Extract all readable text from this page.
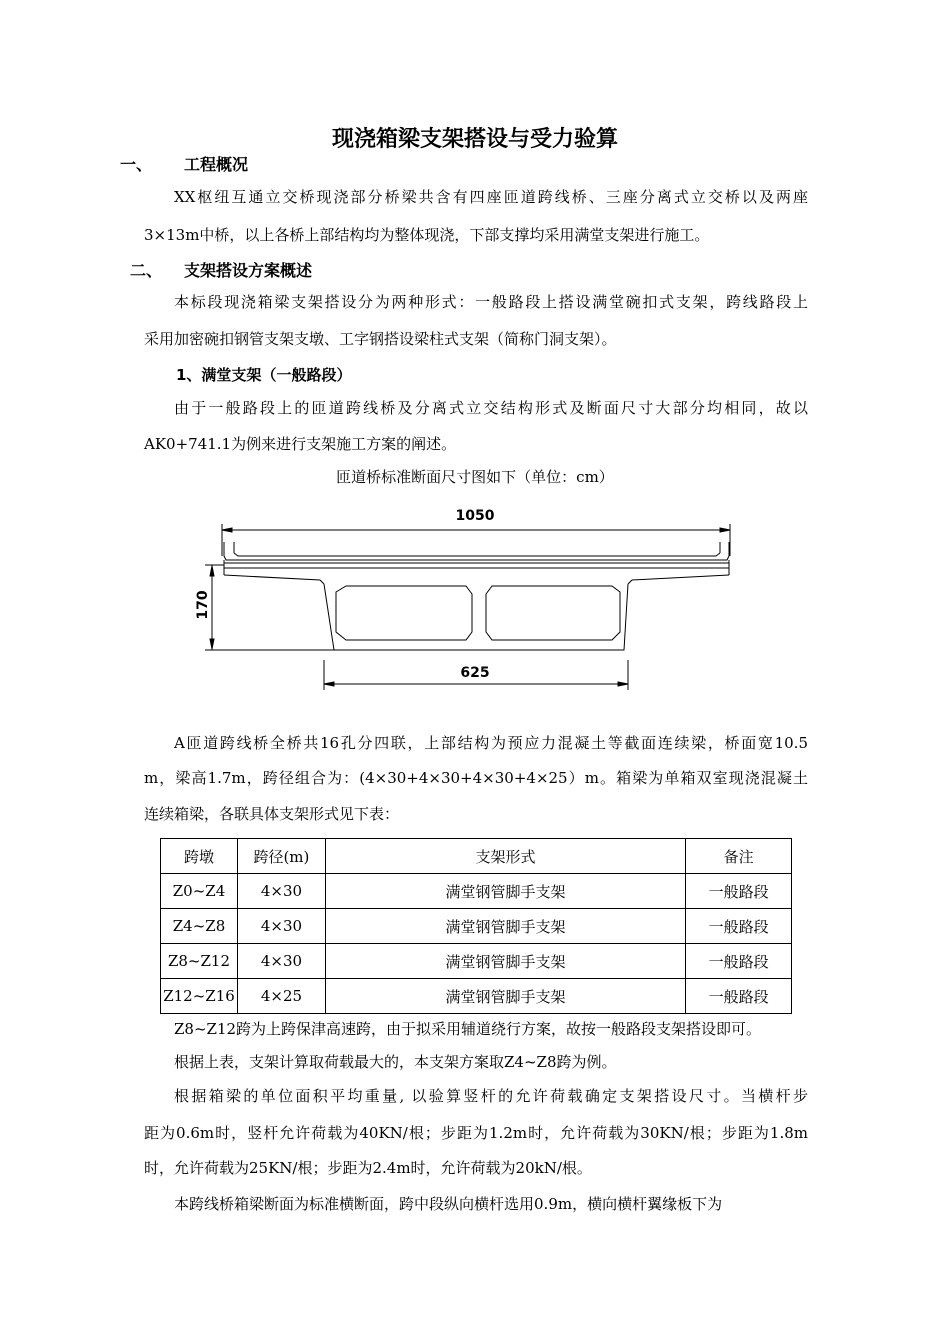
现浇箱梁支架搭设与受力验算
一、 工程概况
XX枢纽互通立交桥现浇部分桥梁共含有四座匝道跨线桥、三座分离式立交桥以及两座
3×13m中桥，以上各桥上部结构均为整体现浇，下部支撑均采用满堂支架进行施工。
二、 支架搭设方案概述
本标段现浇箱梁支架搭设分为两种形式：一般路段上搭设满堂碗扣式支架，跨线路段上
采用加密碗扣钢管支架支墩、工字钢搭设梁柱式支架（简称门洞支架）。
1、满堂支架（一般路段）
由于一般路段上的匝道跨线桥及分离式立交结构形式及断面尺寸大部分均相同，故以
AK0+741.1为例来进行支架施工方案的阐述。
匝道桥标准断面尺寸图如下（单位：cm）
1050
170
625
A匝道跨线桥全桥共16孔分四联，上部结构为预应力混凝土等截面连续梁，桥面宽10.5
m，梁高1.7m，跨径组合为：(4×30+4×30+4×30+4×25）m。箱梁为单箱双室现浇混凝土
连续箱梁，各联具体支架形式见下表：
跨墩	跨径(m)	支架形式	备注
Z0~Z4	4×30	满堂钢管脚手支架	一般路段
Z4~Z8	4×30	满堂钢管脚手支架	一般路段
Z8~Z12	4×30	满堂钢管脚手支架	一般路段
Z12~Z16	4×25	满堂钢管脚手支架	一般路段
Z8~Z12跨为上跨保津高速跨，由于拟采用辅道绕行方案，故按一般路段支架搭设即可。
根据上表，支架计算取荷载最大的，本支架方案取Z4~Z8跨为例。
根据箱梁的单位面积平均重量, 以验算竖杆的允许荷载确定支架搭设尺寸。当横杆步
距为0.6m时，竖杆允许荷载为40KN/根；步距为1.2m时，允许荷载为30KN/根；步距为1.8m
时，允许荷载为25KN/根；步距为2.4m时，允许荷载为20kN/根。
本跨线桥箱梁断面为标准横断面，跨中段纵向横杆选用0.9m，横向横杆翼缘板下为
